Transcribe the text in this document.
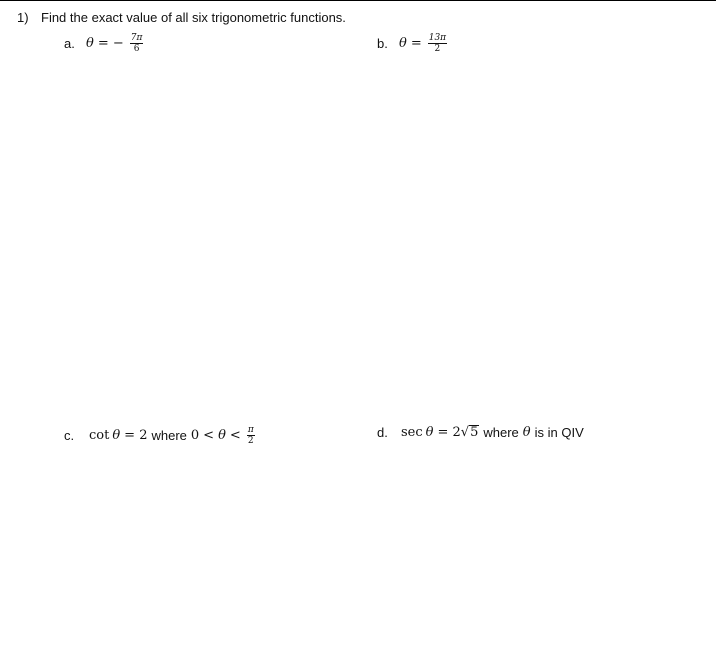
1) Find the exact value of all six trigonometric functions.
a. θ = − $\frac{7\pi}{6}$	b. $\theta = \frac{13\pi}{2}$
c.	cot θ = 2 where $0 < \theta < \frac{\pi}{2}$	d.	sec θ = 2 √ 5 where θ is in QIV
